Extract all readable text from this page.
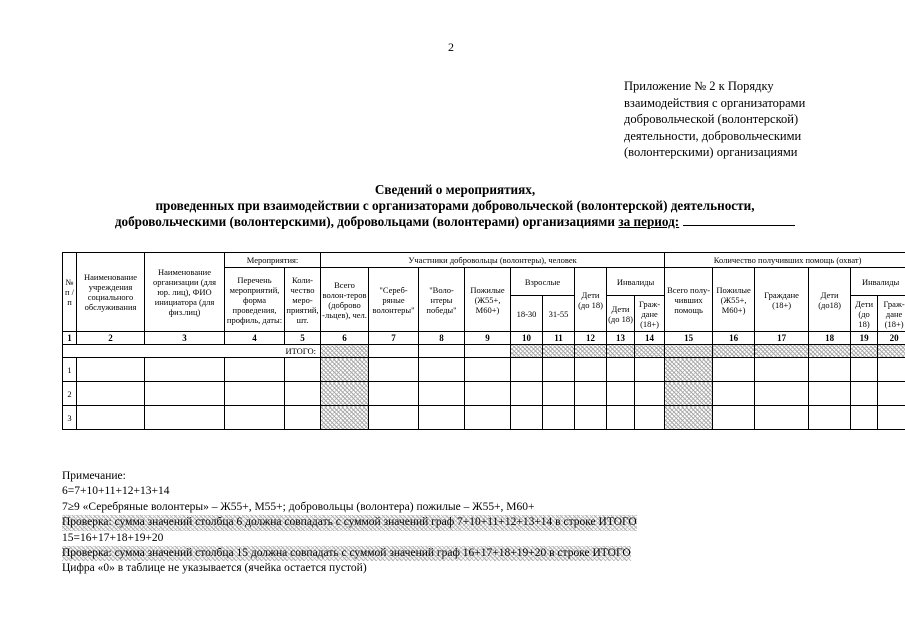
2
Приложение № 2 к Порядку
взаимодействия с организаторами
добровольческой (волонтерской)
деятельности, добровольческими
(волонтерскими) организациями
Сведений о мероприятиях,
проведенных при взаимодействии с организаторами добровольческой (волонтерской) деятельности,
добровольческими (волонтерскими), добровольцами (волонтерами) организациями за период:
№ п / п	Наименование учреждения социального обслуживания	Наименование организации (для юр. лиц), ФИО инициатора (для физ.лиц)	Мероприятия:		Участники добровольцы (волонтеры), человек									Количество получивших помощь (охват)					
			Перечень мероприятий, форма проведения, профиль, даты:	Коли-чество меро-приятий, шт.	Всего волон-теров (доброво -льцев), чел.	"Сереб-ряные волонтеры"	"Воло-нтеры победы"	Пожилые (Ж55+, М60+)	Взрослые		Дети (до 18)	Инвалиды		Всего полу-чивших помощь	Пожилые (Ж55+, М60+)	Граждане (18+)	Дети (до18)	Инвалиды	
									18-30	31-55		Дети (до 18)	Граж-дане (18+)					Дети (до 18)	Граж-дане (18+)
1	2	3	4	5	6	7	8	9	10	11	12	13	14	15	16	17	18	19	20
ИТОГО:																			
1																			
2																			
3																			
Примечание:
6=7+10+11+12+13+14
7≥9 «Серебряные волонтеры» – Ж55+, М55+; добровольцы (волонтера) пожилые – Ж55+, М60+
Проверка: сумма значений столбца 6 должна совпадать с суммой значений граф 7+10+11+12+13+14 в строке ИТОГО
15=16+17+18+19+20
Проверка: сумма значений столбца 15 должна совпадать с суммой значений граф 16+17+18+19+20 в строке ИТОГО
Цифра «0» в таблице не указывается (ячейка остается пустой)
